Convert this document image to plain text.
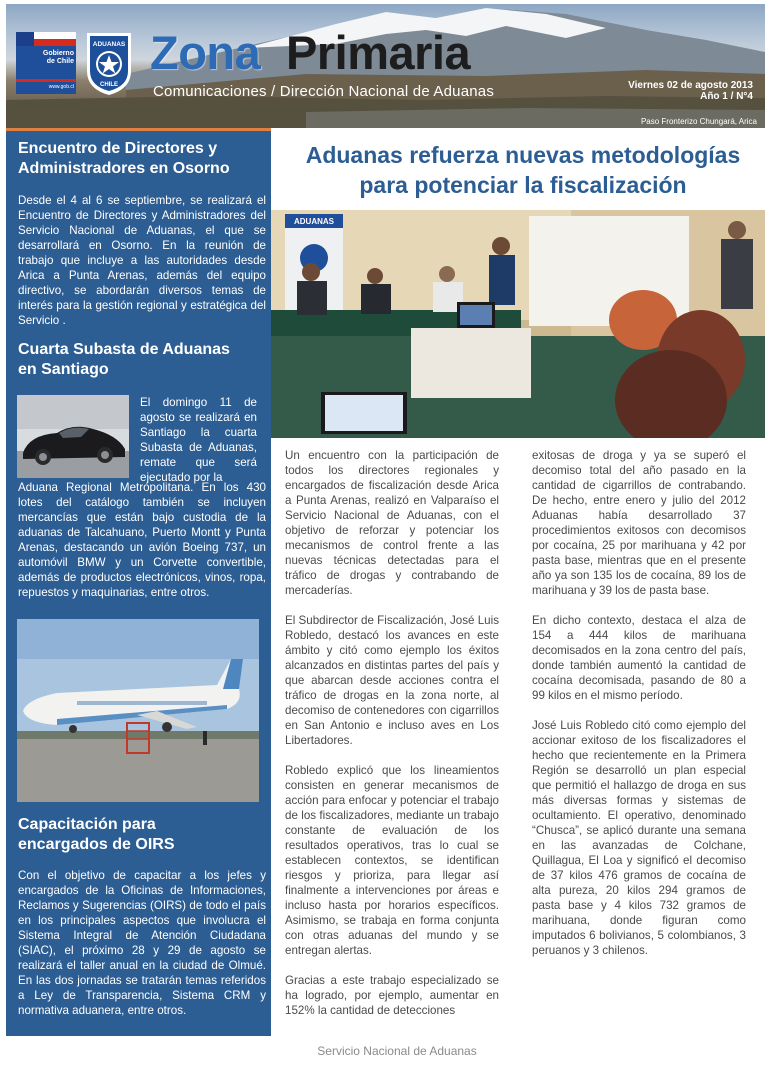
Gobierno
de Chile
www.gob.cl
ADUANAS
CHILE
Zona Primaria
Comunicaciones / Dirección Nacional de Aduanas	Viernes 02 de agosto 2013
Año 1 / N°4
Paso Fronterizo Chungará, Arica
Encuentro de Directores y
Administradores en Osorno
Desde el 4 al 6 se septiembre, se realizará el Encuentro de Directores y Administradores del Servicio Nacional de Aduanas, el que se desarrollará en Osorno. En la reunión de trabajo que incluye a las autoridades desde Arica a Punta Arenas, además del equipo directivo, se abordarán diversos temas de interés para la gestión regional y estratégica del Servicio .
Cuarta Subasta de Aduanas
en Santiago
El domingo 11 de agosto se realizará en Santiago la cuarta Subasta de Aduanas, remate que será ejecutado por la
Aduana Regional Metropolitana. En los 430 lotes del catálogo también se incluyen mercancías que están bajo custodia de la aduanas de Talcahuano, Puerto Montt y Punta Arenas, destacando un avión Boeing 737, un automóvil BMW y un Corvette convertible, además de productos electrónicos, vinos, ropa, repuestos y maquinarias, entre otros.
Capacitación para
encargados de OIRS
Con el objetivo de capacitar a los jefes y encargados de la Oficinas de Informaciones, Reclamos y Sugerencias (OIRS) de todo el país en los principales aspectos que involucra el Sistema Integral de Atención Ciudadana (SIAC), el próximo 28 y 29 de agosto se realizará el taller anual en la ciudad de Olmué. En las dos jornadas se tratarán temas referidos a Ley de Transparencia, Sistema CRM y normativa aduanera, entre otros.
Aduanas refuerza nuevas metodologías
para potenciar la fiscalización
ADUANAS

Un encuentro con la participación de todos los directores regionales y encargados de fiscalización desde Arica a Punta Arenas, realizó en Valparaíso el Servicio Nacional de Aduanas, con el objetivo de reforzar y potenciar los mecanismos de control frente a las nuevas técnicas detectadas para el tráfico de drogas y contrabando de mercaderías.

El Subdirector de Fiscalización, José Luis Robledo, destacó los avances en este ámbito y citó como ejemplo los éxitos alcanzados en distintas partes del país y que abarcan desde acciones contra el tráfico de drogas en la zona norte, al decomiso de contenedores con cigarrillos en San Antonio e incluso aves en Los Libertadores.

Robledo explicó que los lineamientos consisten en generar mecanismos de acción para enfocar y potenciar el trabajo de los fiscalizadores, mediante un trabajo constante de evaluación de los resultados operativos, tras lo cual se establecen contextos, se identifican riesgos y prioriza, para llegar así finalmente a intervenciones por áreas e incluso hasta por horarios específicos. Asimismo, se trabaja en forma conjunta con otras aduanas del mundo y se entregan alertas.

Gracias a este trabajo especializado se ha logrado, por ejemplo, aumentar en 152% la cantidad de detecciones

exitosas de droga y ya se superó el decomiso total del año pasado en la cantidad de cigarrillos de contrabando. De hecho, entre enero y julio del 2012 Aduanas había desarrollado 37 procedimientos exitosos con decomisos por cocaína, 25 por marihuana y 42 por pasta base, mientras que en el presente año ya son 135 los de cocaína, 89 los de marihuana y 39 los de pasta base.

En dicho contexto, destaca el alza de 154 a 444 kilos de marihuana decomisados en la zona centro del país, donde también aumentó la cantidad de cocaína decomisada, pasando de 80 a 99 kilos en el mismo período.

José Luis Robledo citó como ejemplo del accionar exitoso de los fiscalizadores el hecho que recientemente en la Primera Región se desarrolló un plan especial que permitió el hallazgo de droga en sus más diversas formas y sistemas de ocultamiento. El operativo, denominado “Chusca”, se aplicó durante una semana en las avanzadas de Colchane, Quillagua, El Loa y significó el decomiso de 37 kilos 476 gramos de cocaína de alta pureza, 20 kilos 294 gramos de pasta base y 4 kilos 732 gramos de marihuana, donde figuran como imputados 6 bolivianos, 5 colombianos, 3 peruanos y 3 chilenos.

Servicio Nacional de Aduanas
